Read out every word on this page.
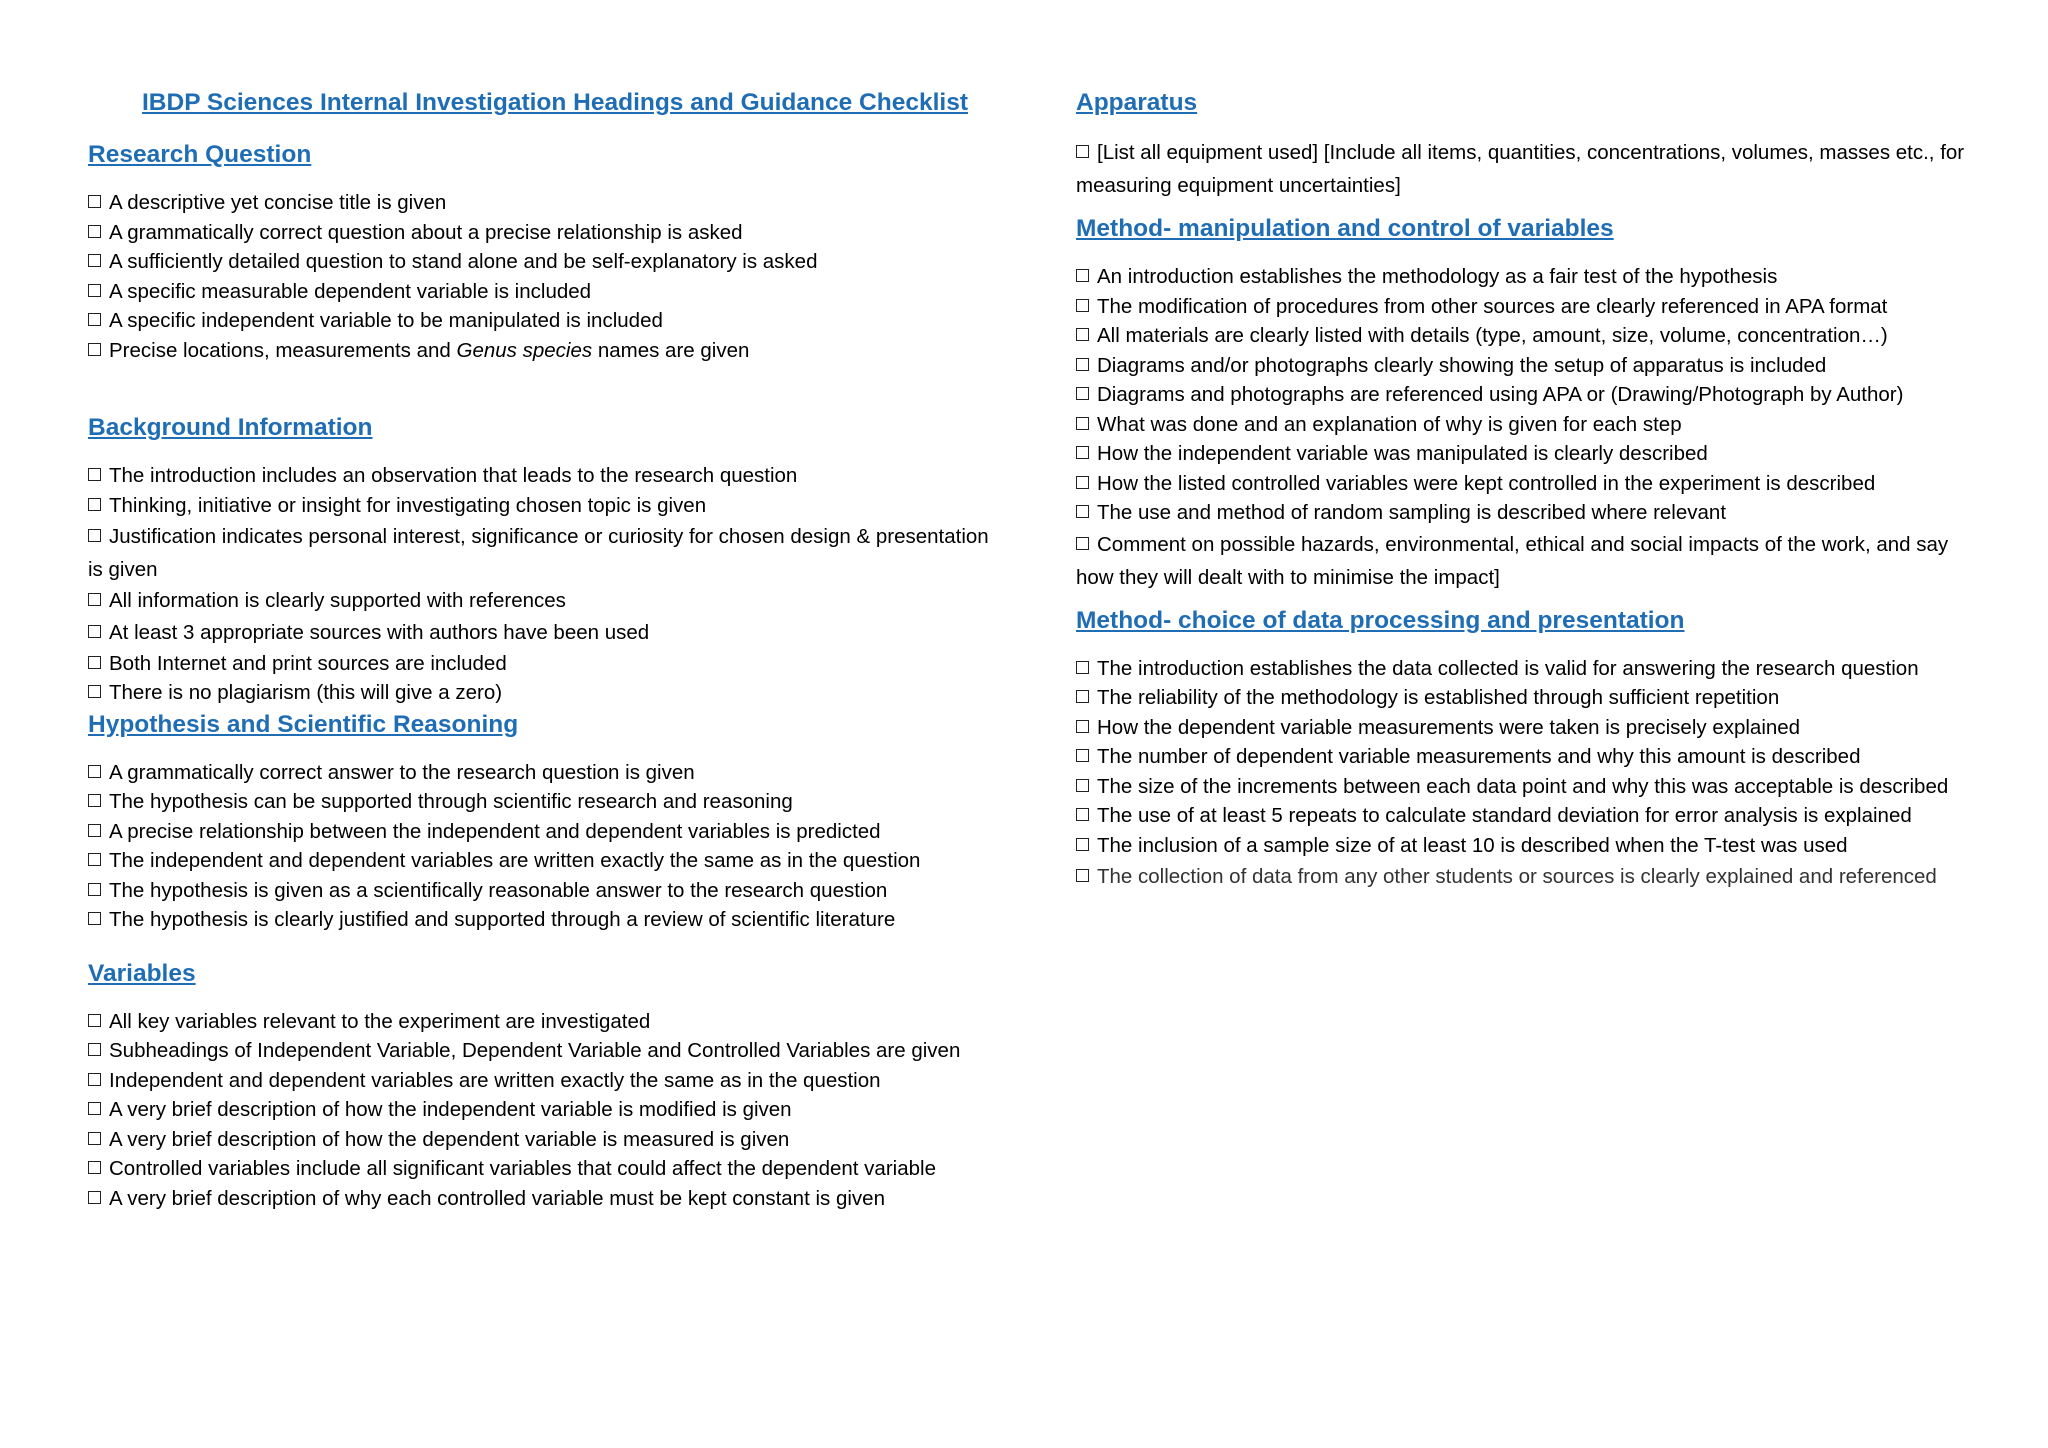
IBDP Sciences Internal Investigation Headings and Guidance Checklist
Research Question
A descriptive yet concise title is given
A grammatically correct question about a precise relationship is asked
A sufficiently detailed question to stand alone and be self-explanatory is asked
A specific measurable dependent variable is included
A specific independent variable to be manipulated is included
Precise locations, measurements and Genus species names are given
Background Information
The introduction includes an observation that leads to the research question
Thinking, initiative or insight for investigating chosen topic is given
Justification indicates personal interest, significance or curiosity for chosen design & presentation is given
All information is clearly supported with references
At least 3 appropriate sources with authors have been used
Both Internet and print sources are included
There is no plagiarism (this will give a zero)
Hypothesis and Scientific Reasoning
A grammatically correct answer to the research question is given
The hypothesis can be supported through scientific research and reasoning
A precise relationship between the independent and dependent variables is predicted
The independent and dependent variables are written exactly the same as in the question
The hypothesis is given as a scientifically reasonable answer to the research question
The hypothesis is clearly justified and supported through a review of scientific literature
Variables
All key variables relevant to the experiment are investigated
Subheadings of Independent Variable, Dependent Variable and Controlled Variables are given
Independent and dependent variables are written exactly the same as in the question
A very brief description of how the independent variable is modified is given
A very brief description of how the dependent variable is measured is given
Controlled variables include all significant variables that could affect the dependent variable
A very brief description of why each controlled variable must be kept constant is given
Apparatus
[List all equipment used] [Include all items, quantities, concentrations, volumes, masses etc., for measuring equipment uncertainties]
Method- manipulation and control of variables
An introduction establishes the methodology as a fair test of the hypothesis
The modification of procedures from other sources are clearly referenced in APA format
All materials are clearly listed with details (type, amount, size, volume, concentration…)
Diagrams and/or photographs clearly showing the setup of apparatus is included
Diagrams and photographs are referenced using APA or (Drawing/Photograph by Author)
What was done and an explanation of why is given for each step
How the independent variable was manipulated is clearly described
How the listed controlled variables were kept controlled in the experiment is described
The use and method of random sampling is described where relevant
Comment on possible hazards, environmental, ethical and social impacts of the work, and say how they will dealt with to minimise the impact]
Method- choice of data processing and presentation
The introduction establishes the data collected is valid for answering the research question
The reliability of the methodology is established through sufficient repetition
How the dependent variable measurements were taken is precisely explained
The number of dependent variable measurements and why this amount is described
The size of the increments between each data point and why this was acceptable is described
The use of at least 5 repeats to calculate standard deviation for error analysis is explained
The inclusion of a sample size of at least 10 is described when the T-test was used
The collection of data from any other students or sources is clearly explained and referenced
